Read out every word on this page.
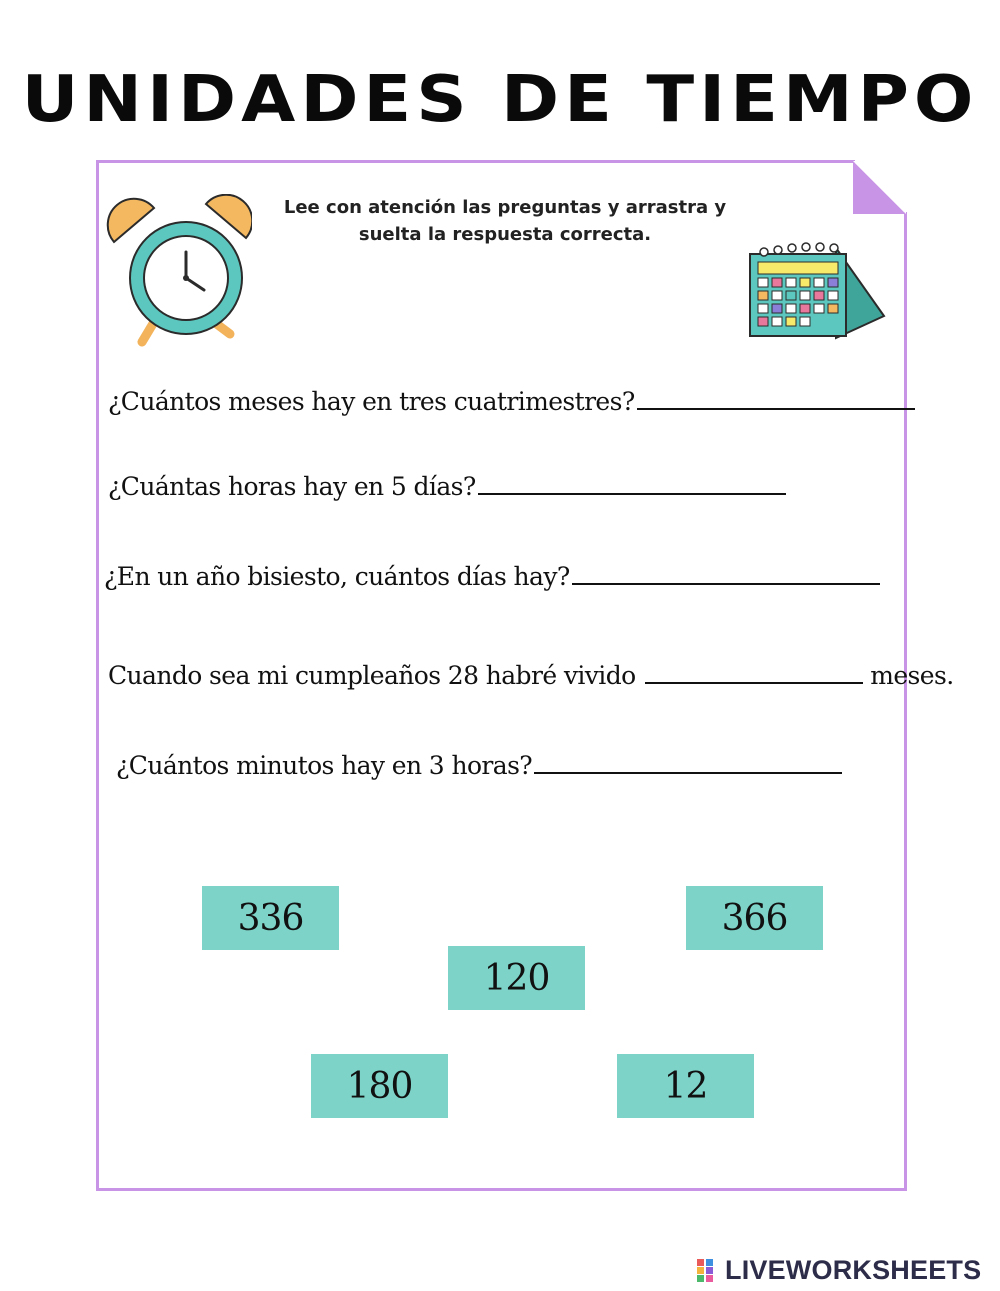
UNIDADES DE TIEMPO
Lee con atención las preguntas y arrastra y
suelta la respuesta correcta.
¿Cuántos meses hay en tres cuatrimestres?
¿Cuántas horas hay en 5 días?
¿En un año bisiesto, cuántos días hay?
Cuando sea mi cumpleaños 28 habré vivido	meses.
¿Cuántos minutos hay en 3 horas?
336	366
120
180	12
LIVEWORKSHEETS
